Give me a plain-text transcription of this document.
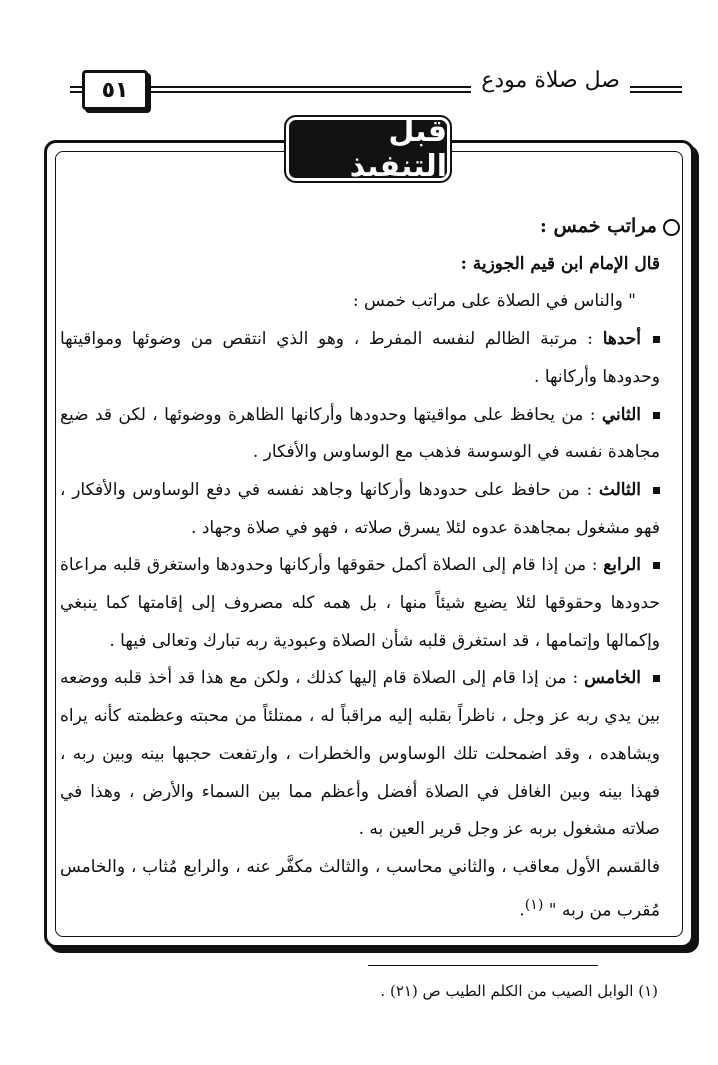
٥١	صل صلاة مودع
قبل التنفيذ

مراتب خمس :

قال الإمام ابن قيم الجوزية :

" والناس في الصلاة على مراتب خمس :

أحدها : مرتبة الظالم لنفسه المفرط ، وهو الذي انتقص من وضوئها ومواقيتها وحدودها وأركانها .

الثاني : من يحافظ على مواقيتها وحدودها وأركانها الظاهرة ووضوئها ، لكن قد ضيع مجاهدة نفسه في الوسوسة فذهب مع الوساوس والأفكار .

الثالث : من حافظ على حدودها وأركانها وجاهد نفسه في دفع الوساوس والأفكار ، فهو مشغول بمجاهدة عدوه لئلا يسرق صلاته ، فهو في صلاة وجهاد .

الرابع : من إذا قام إلى الصلاة أكمل حقوقها وأركانها وحدودها واستغرق قلبه مراعاة حدودها وحقوقها لئلا يضيع شيئاً منها ، بل همه كله مصروف إلى إقامتها كما ينبغي وإكمالها وإتمامها ، قد استغرق قلبه شأن الصلاة وعبودية ربه تبارك وتعالى فيها .

الخامس : من إذا قام إلى الصلاة قام إليها كذلك ، ولكن مع هذا قد أخذ قلبه ووضعه بين يدي ربه عز وجل ، ناظراً بقلبه إليه مراقباً له ، ممتلئاً من محبته وعظمته كأنه يراه ويشاهده ، وقد اضمحلت تلك الوساوس والخطرات ، وارتفعت حجبها بينه وبين ربه ، فهذا بينه وبين الغافل في الصلاة أفضل وأعظم مما بين السماء والأرض ، وهذا في صلاته مشغول بربه عز وجل قرير العين به .

فالقسم الأول معاقب ، والثاني محاسب ، والثالث مكفَّر عنه ، والرابع مُثاب ، والخامس مُقرب من ربه " $^{(١)}$.

(١) الوابل الصيب من الكلم الطيب ص (٢١) .
